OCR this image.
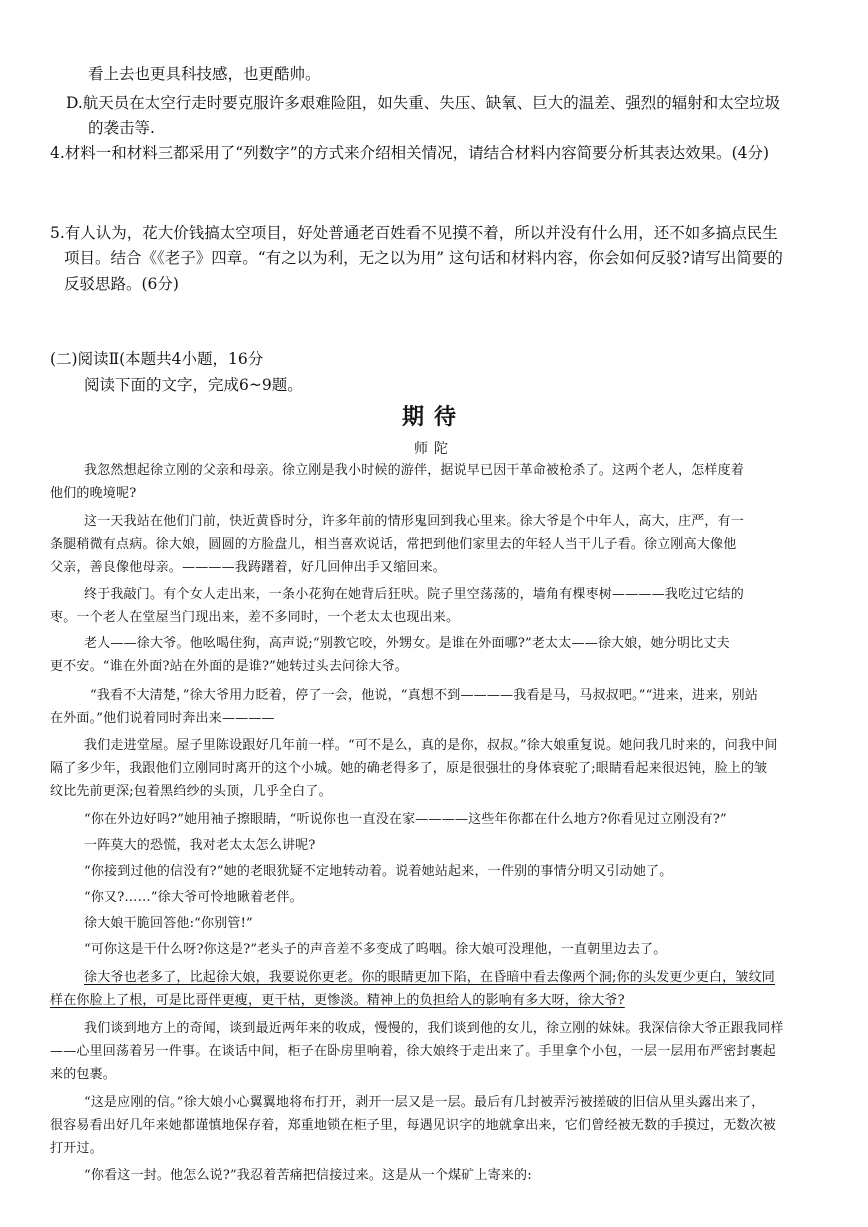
看上去也更具科技感，也更酷帅。
D.航天员在太空行走时要克服许多艰难险阻，如失重、失压、缺氧、巨大的温差、强烈的辐射和太空垃圾
的袭击等.
4.材料一和材料三都采用了“列数字”的方式来介绍相关情况，请结合材料内容简要分析其表达效果。(4分)
5.有人认为，花大价钱搞太空项目，好处普通老百姓看不见摸不着，所以并没有什么用，还不如多搞点民生
项目。结合《《老子》四章。“有之以为利，无之以为用” 这句话和材料内容，你会如何反驳?请写出简要的
反驳思路。(6分)
(二)阅读Ⅱ(本题共4小题，16分
阅读下面的文字，完成6~9题。
期待
师陀
我忽然想起徐立刚的父亲和母亲。徐立刚是我小时候的游伴，据说早已因干革命被枪杀了。这两个老人，怎样度着
他们的晚境呢?
这一天我站在他们门前，快近黄昏时分，许多年前的情形鬼回到我心里来。徐大爷是个中年人，高大，庄严，有一
条腿稍微有点病。徐大娘，圆圆的方脸盘儿，相当喜欢说话，常把到他们家里去的年轻人当干儿子看。徐立刚高大像他
父亲，善良像他母亲。————我踌躇着，好几回伸出手又缩回来。
终于我敲门。有个女人走出来，一条小花狗在她背后狂吠。院子里空荡荡的，墙角有棵枣树————我吃过它结的
枣。一个老人在堂屋当门现出来，差不多同时，一个老太太也现出来。
老人——徐大爷。他吆喝住狗，高声说;“别教它咬，外甥女。是谁在外面哪?”老太太——徐大娘，她分明比丈夫
更不安。“谁在外面?站在外面的是谁?”她转过头去问徐大爷。
“我看不大清楚，”徐大爷用力眨着，停了一会，他说，“真想不到————我看是马，马叔叔吧。”“进来，进来，别站
在外面。”他们说着同时奔出来————
我们走进堂屋。屋子里陈设跟好几年前一样。“可不是么，真的是你，叔叔。”徐大娘重复说。她问我几时来的，问我中间
隔了多少年，我跟他们立刚同时离开的这个小城。她的确老得多了，原是很强壮的身体衰驼了;眼睛看起来很迟钝，脸上的皱
纹比先前更深;包着黑绉纱的头顶，几乎全白了。
“你在外边好吗?”她用袖子擦眼睛，“听说你也一直没在家————这些年你都在什么地方?你看见过立刚没有?”
一阵莫大的恐慌，我对老太太怎么讲呢?
“你接到过他的信没有?”她的老眼犹疑不定地转动着。说着她站起来，一件别的事情分明又引动她了。
“你又?……”徐大爷可怜地瞅着老伴。
徐大娘干脆回答他:“你别管!”
“可你这是干什么呀?你这是?”老头子的声音差不多变成了呜咽。徐大娘可没理他，一直朝里边去了。
徐大爷也老多了，比起徐大娘，我要说你更老。你的眼睛更加下陷，在昏暗中看去像两个洞;你的头发更少更白，皱纹同
样在你脸上了根，可是比哥伴更瘦，更干枯，更惨淡。精神上的负担给人的影响有多大呀，徐大爷?
我们谈到地方上的奇闻，谈到最近两年来的收成，慢慢的，我们谈到他的女儿，徐立刚的妹妹。我深信徐大爷正跟我同样
——心里回荡着另一件事。在谈话中间，柜子在卧房里响着，徐大娘终于走出来了。手里拿个小包，一层一层用布严密封裹起
来的包裹。
“这是应刚的信。”徐大娘小心翼翼地将布打开，剥开一层又是一层。最后有几封被弄污被搓破的旧信从里头露出来了，
很容易看出好几年来她都谨慎地保存着，郑重地锁在柜子里，每遇见识字的地就拿出来，它们曾经被无数的手摸过，无数次被
打开过。
“你看这一封。他怎么说?”我忍着苦痛把信接过来。这是从一个煤矿上寄来的:
